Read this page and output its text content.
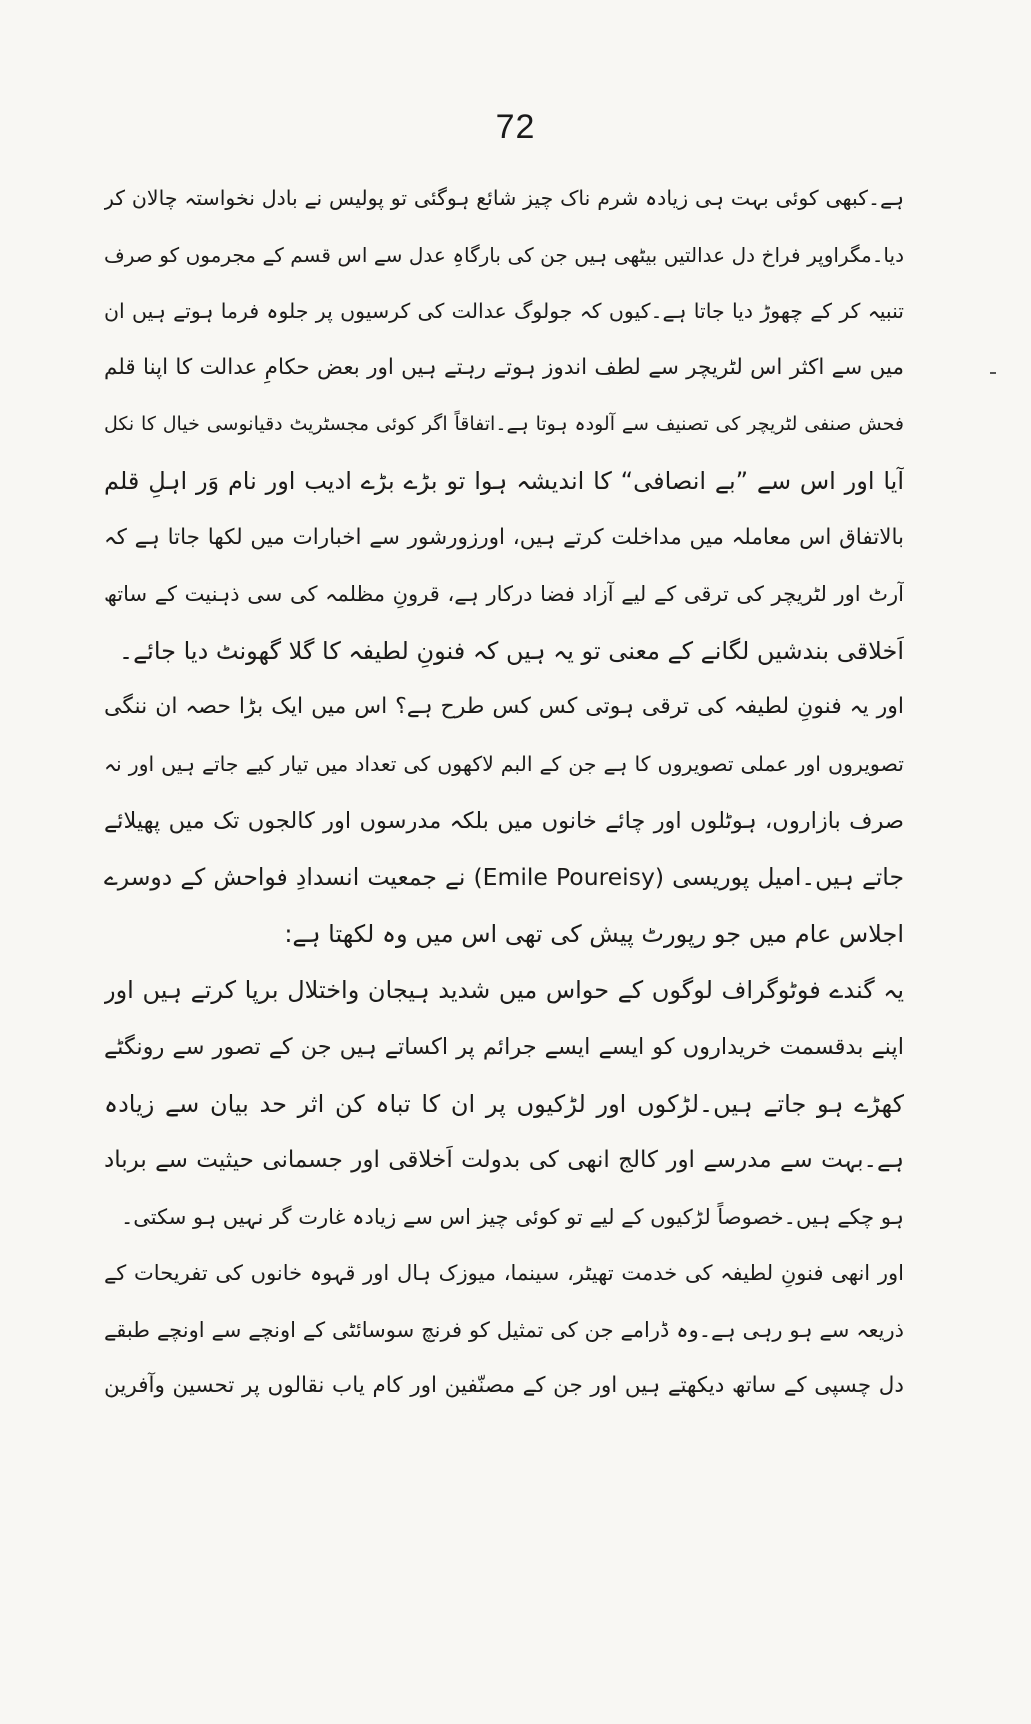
72
ہے۔کبھی کوئی بہت ہی زیادہ شرم ناک چیز شائع ہوگئی تو پولیس نے بادل نخواستہ چالان کر
دیا۔مگراوپر فراخ دل عدالتیں بیٹھی ہیں جن کی بارگاہِ عدل سے اس قسم کے مجرموں کو صرف
تنبیہ کر کے چھوڑ دیا جاتا ہے۔کیوں کہ جولوگ عدالت کی کرسیوں پر جلوہ فرما ہوتے ہیں ان
میں سے اکثر اس لٹریچر سے لطف اندوز ہوتے رہتے ہیں اور بعض حکامِ عدالت کا اپنا قلم
فحش صنفی لٹریچر کی تصنیف سے آلودہ ہوتا ہے۔اتفاقاً اگر کوئی مجسٹریٹ دقیانوسی خیال کا نکل
آیا اور اس سے ”بے انصافی“ کا اندیشہ ہوا تو بڑے بڑے ادیب اور نام وَر اہلِ قلم
بالاتفاق اس معاملہ میں مداخلت کرتے ہیں، اورزورشور سے اخبارات میں لکھا جاتا ہے کہ
آرٹ اور لٹریچر کی ترقی کے لیے آزاد فضا درکار ہے، قرونِ مظلمہ کی سی ذہنیت کے ساتھ
اَخلاقی بندشیں لگانے کے معنی تو یہ ہیں کہ فنونِ لطیفہ کا گلا گھونٹ دیا جائے۔
اور یہ فنونِ لطیفہ کی ترقی ہوتی کس کس طرح ہے؟ اس میں ایک بڑا حصہ ان ننگی
تصویروں اور عملی تصویروں کا ہے جن کے البم لاکھوں کی تعداد میں تیار کیے جاتے ہیں اور نہ
صرف بازاروں، ہوٹلوں اور چائے خانوں میں بلکہ مدرسوں اور کالجوں تک میں پھیلائے
جاتے ہیں۔امیل پوریسی (Emile Poureisy) نے جمعیت انسدادِ فواحش کے دوسرے
اجلاس عام میں جو رپورٹ پیش کی تھی اس میں وہ لکھتا ہے:
یہ گندے فوٹوگراف لوگوں کے حواس میں شدید ہیجان واختلال برپا کرتے ہیں اور
اپنے بدقسمت خریداروں کو ایسے ایسے جرائم پر اکساتے ہیں جن کے تصور سے رونگٹے
کھڑے ہو جاتے ہیں۔لڑکوں اور لڑکیوں پر ان کا تباہ کن اثر حد بیان سے زیادہ
ہے۔بہت سے مدرسے اور کالج انھی کی بدولت اَخلاقی اور جسمانی حیثیت سے برباد
ہو چکے ہیں۔خصوصاً لڑکیوں کے لیے تو کوئی چیز اس سے زیادہ غارت گر نہیں ہو سکتی۔
اور انھی فنونِ لطیفہ کی خدمت تھیٹر، سینما، میوزک ہال اور قہوہ خانوں کی تفریحات کے
ذریعہ سے ہو رہی ہے۔وہ ڈرامے جن کی تمثیل کو فرنچ سوسائٹی کے اونچے سے اونچے طبقے
دل چسپی کے ساتھ دیکھتے ہیں اور جن کے مصنّفین اور کام یاب نقالوں پر تحسین وآفرین
